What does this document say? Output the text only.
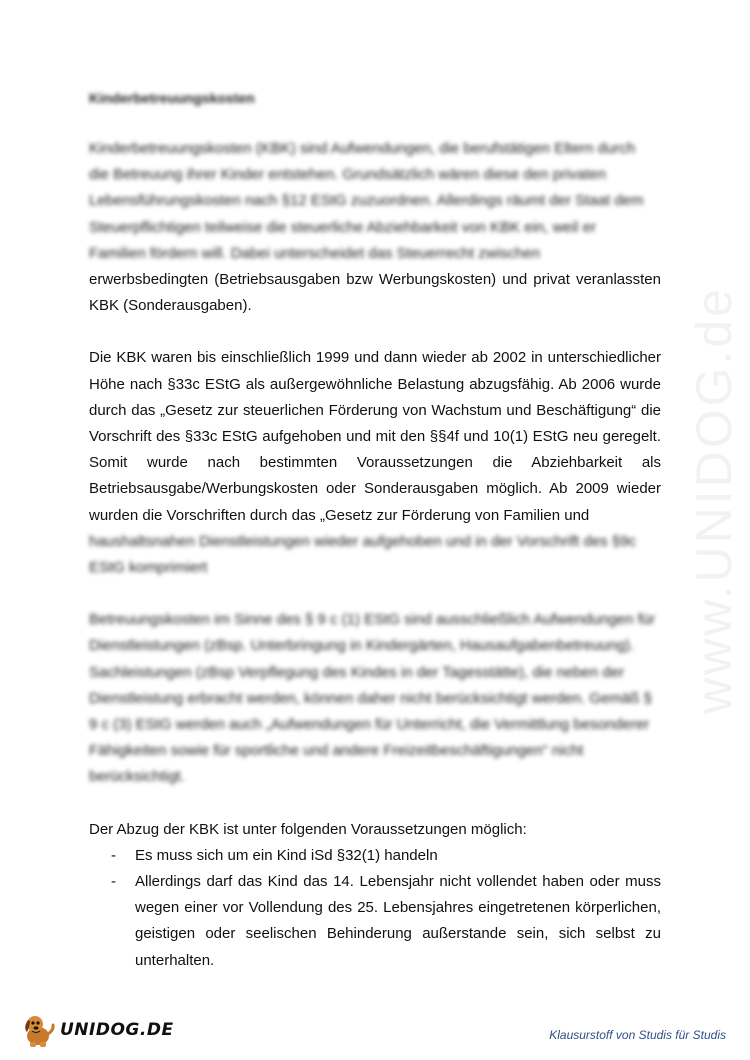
www.UNIDOG.de
Kinderbetreuungskosten
Kinderbetreuungskosten (KBK) sind Aufwendungen, die berufstätigen Eltern durch
die Betreuung ihrer Kinder entstehen. Grundsätzlich wären diese den privaten
Lebensführungskosten nach §12 EStG zuzuordnen. Allerdings räumt der Staat dem
Steuerpflichtigen teilweise die steuerliche Abziehbarkeit von KBK ein, weil er
Familien fördern will. Dabei unterscheidet das Steuerrecht zwischen
erwerbsbedingten (Betriebsausgaben bzw Werbungskosten) und privat veranlassten KBK (Sonderausgaben).
Die KBK waren bis einschließlich 1999 und dann wieder ab 2002 in unterschiedlicher Höhe nach §33c EStG als außergewöhnliche Belastung abzugsfähig. Ab 2006 wurde durch das „Gesetz zur steuerlichen Förderung von Wachstum und Beschäftigung“ die Vorschrift des §33c EStG aufgehoben und mit den §§4f und 10(1) EStG neu geregelt. Somit wurde nach bestimmten Voraussetzungen die Abziehbarkeit als Betriebsausgabe/Werbungskosten oder Sonderausgaben möglich. Ab 2009 wieder wurden die Vorschriften durch das „Gesetz zur Förderung von Familien und
haushaltsnahen Dienstleistungen wieder aufgehoben und in der Vorschrift des §9c
EStG komprimiert
Betreuungskosten im Sinne des § 9 c (1) EStG sind ausschließlich Aufwendungen für
Dienstleistungen (zBsp. Unterbringung in Kindergärten, Hausaufgabenbetreuung).
Sachleistungen (zBsp Verpflegung des Kindes in der Tagesstätte), die neben der
Dienstleistung erbracht werden, können daher nicht berücksichtigt werden. Gemäß §
9 c (3) EStG werden auch „Aufwendungen für Unterricht, die Vermittlung besonderer
Fähigkeiten sowie für sportliche und andere Freizeitbeschäftigungen“ nicht
berücksichtigt.
Der Abzug der KBK ist unter folgenden Voraussetzungen möglich:
- Es muss sich um ein Kind iSd §32(1) handeln
- Allerdings darf das Kind das 14. Lebensjahr nicht vollendet haben oder muss wegen einer vor Vollendung des 25. Lebensjahres eingetretenen körperlichen, geistigen oder seelischen Behinderung außerstande sein, sich selbst zu unterhalten.
UNIDOG.DE	Klausurstoff von Studis für Studis
